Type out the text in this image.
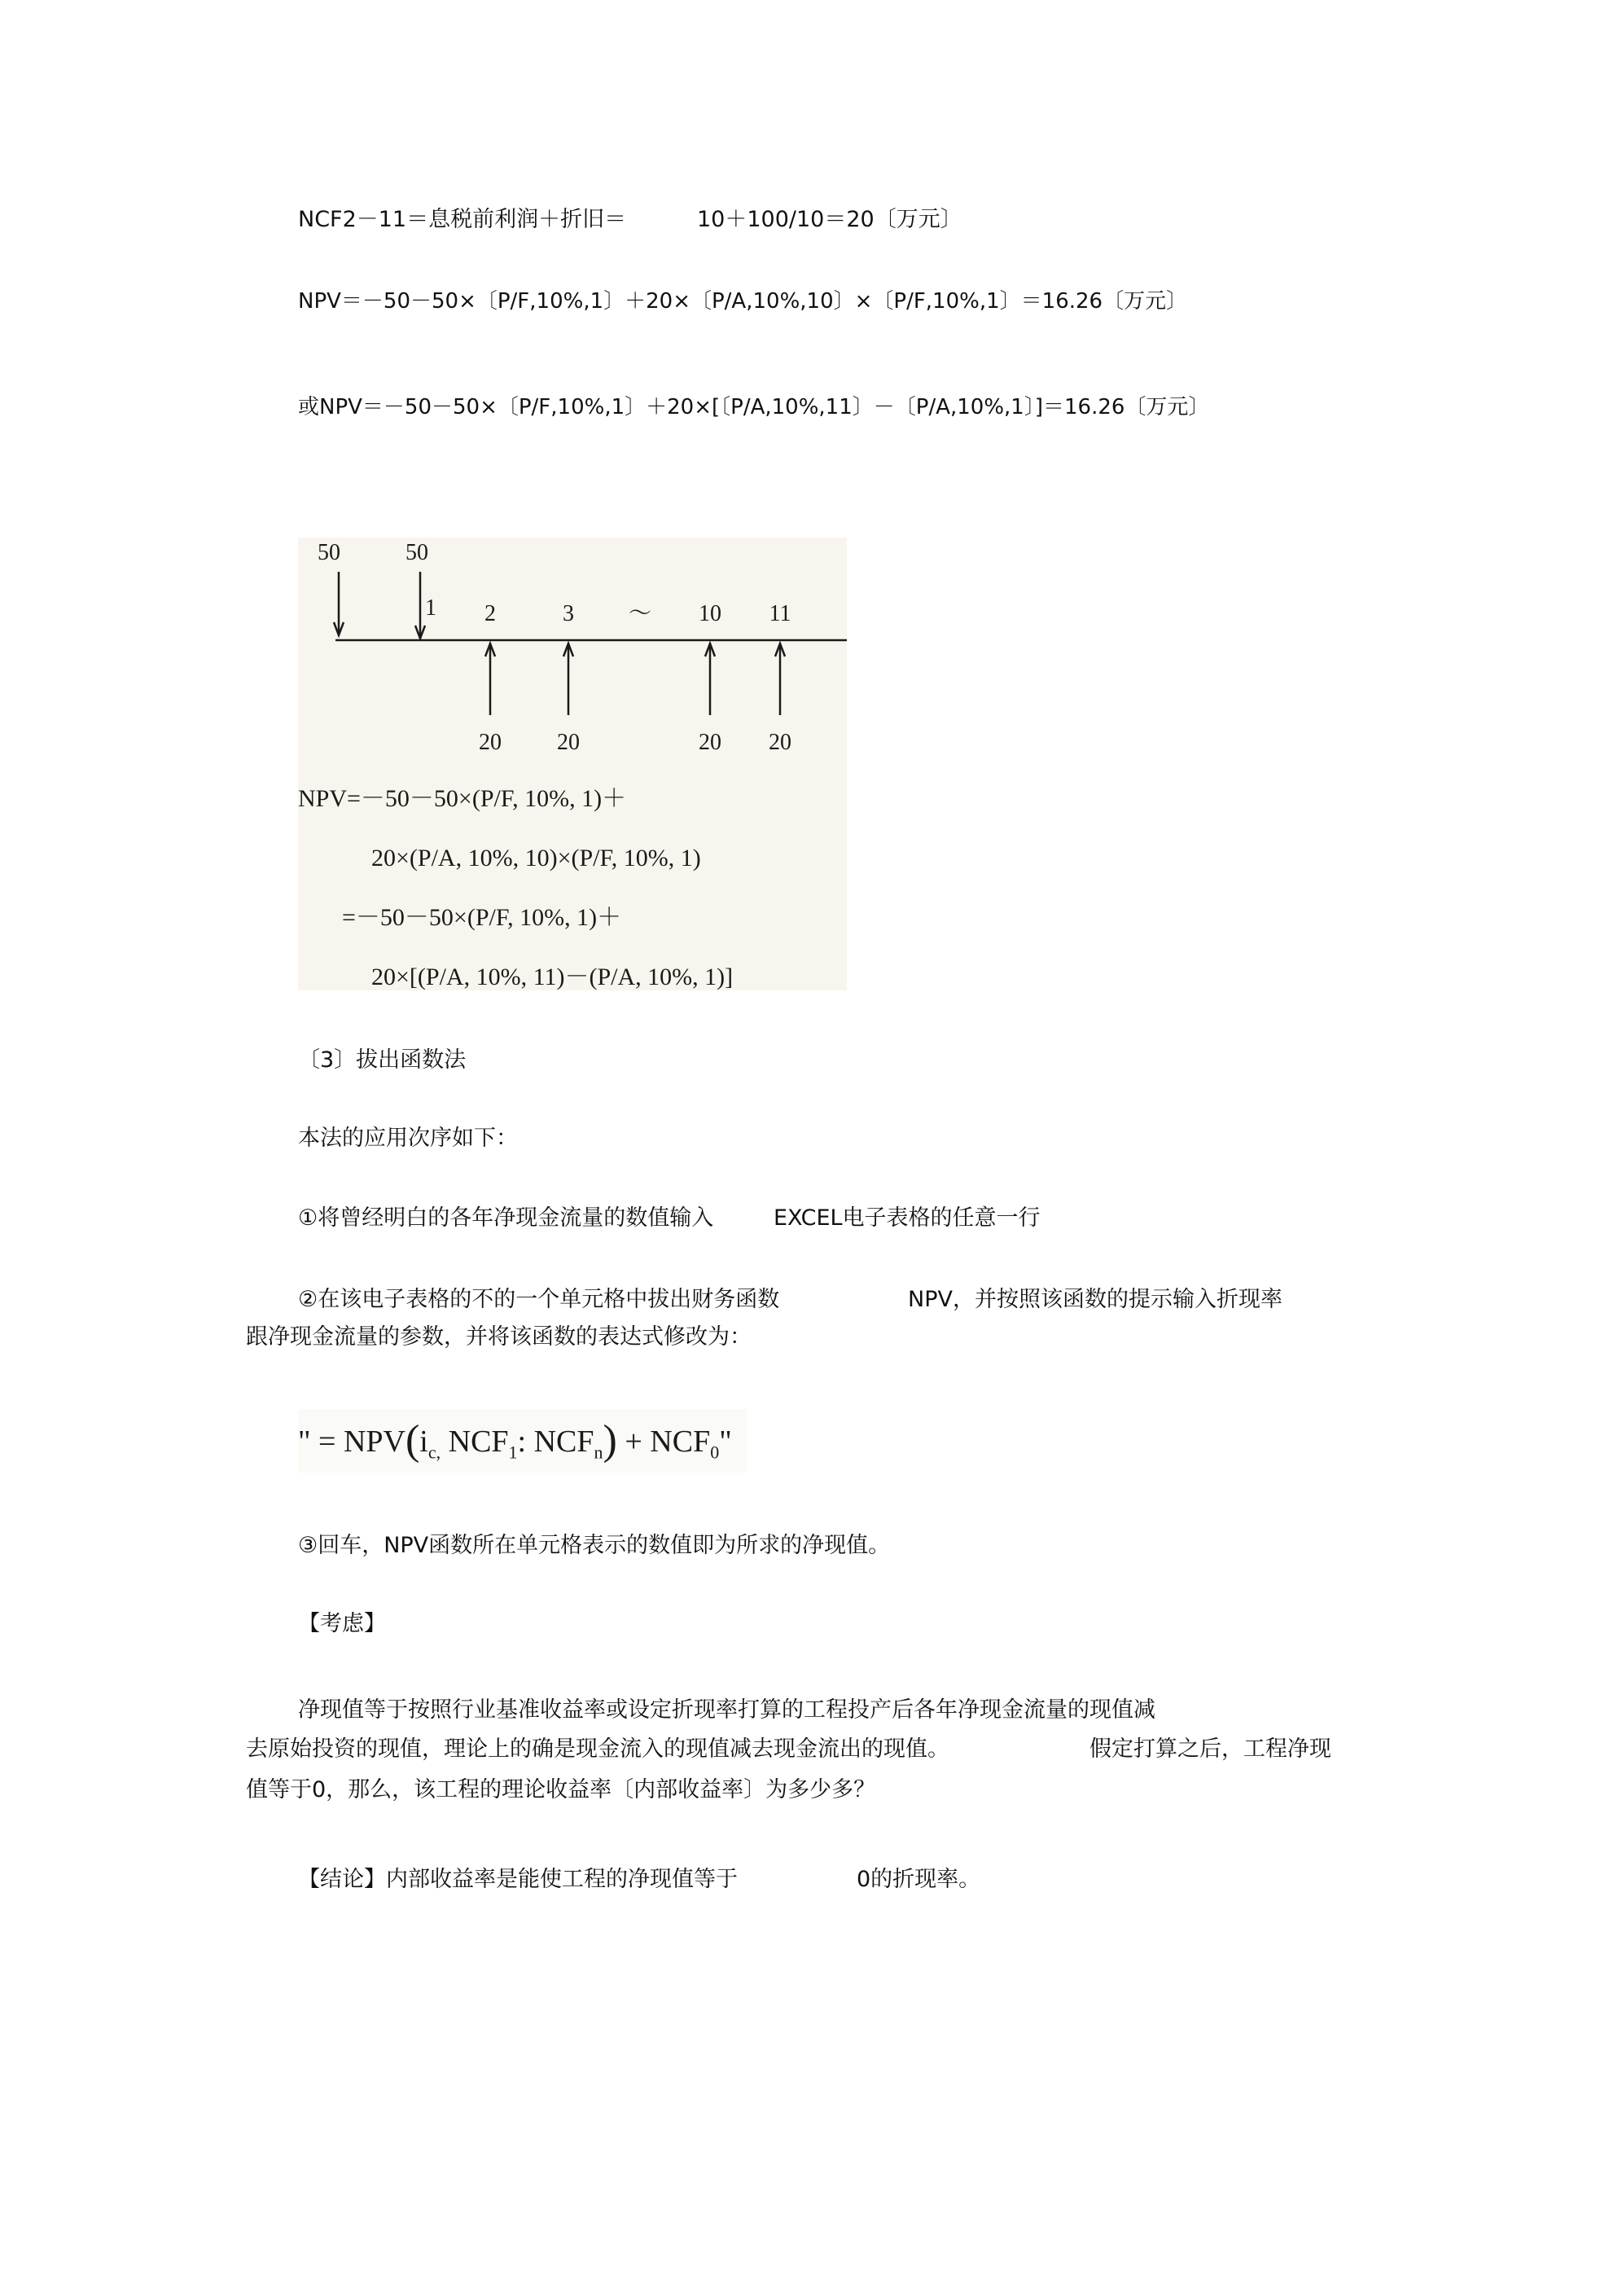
NCF2－11＝息税前利润＋折旧＝	10＋100/10＝20〔万元〕
NPV＝－50－50×〔P/F,10%,1〕＋20×〔P/A,10%,10〕×〔P/F,10%,1〕＝16.26〔万元〕
或NPV＝－50－50×〔P/F,10%,1〕＋20×[〔P/A,10%,11〕－〔P/A,10%,1〕]＝16.26〔万元〕
50	50
1 2	3 ～ 10 11
20 20	20 20
NPV=－50－50×(P/F, 10%, 1)＋
20×(P/A, 10%, 10)×(P/F, 10%, 1)
=－50－50×(P/F, 10%, 1)＋
20×[(P/A, 10%, 11)－(P/A, 10%, 1)]
〔3〕拔出函数法
本法的应用次序如下：
①将曾经明白的各年净现金流量的数值输入	EXCEL电子表格的任意一行
②在该电子表格的不的一个单元格中拔出财务函数	NPV，并按照该函数的提示输入折现率
跟净现金流量的参数，并将该函数的表达式修改为：
" = $NPV(i_{c,}$ $NCF_1$: $NCF_n) + NCF_0$"
③回车，NPV函数所在单元格表示的数值即为所求的净现值。
【考虑】
净现值等于按照行业基准收益率或设定折现率打算的工程投产后各年净现金流量的现值减
去原始投资的现值，理论上的确是现金流入的现值减去现金流出的现值。	假定打算之后，工程净现
值等于0，那么，该工程的理论收益率〔内部收益率〕为多少多？
【结论】内部收益率是能使工程的净现值等于	0的折现率。
